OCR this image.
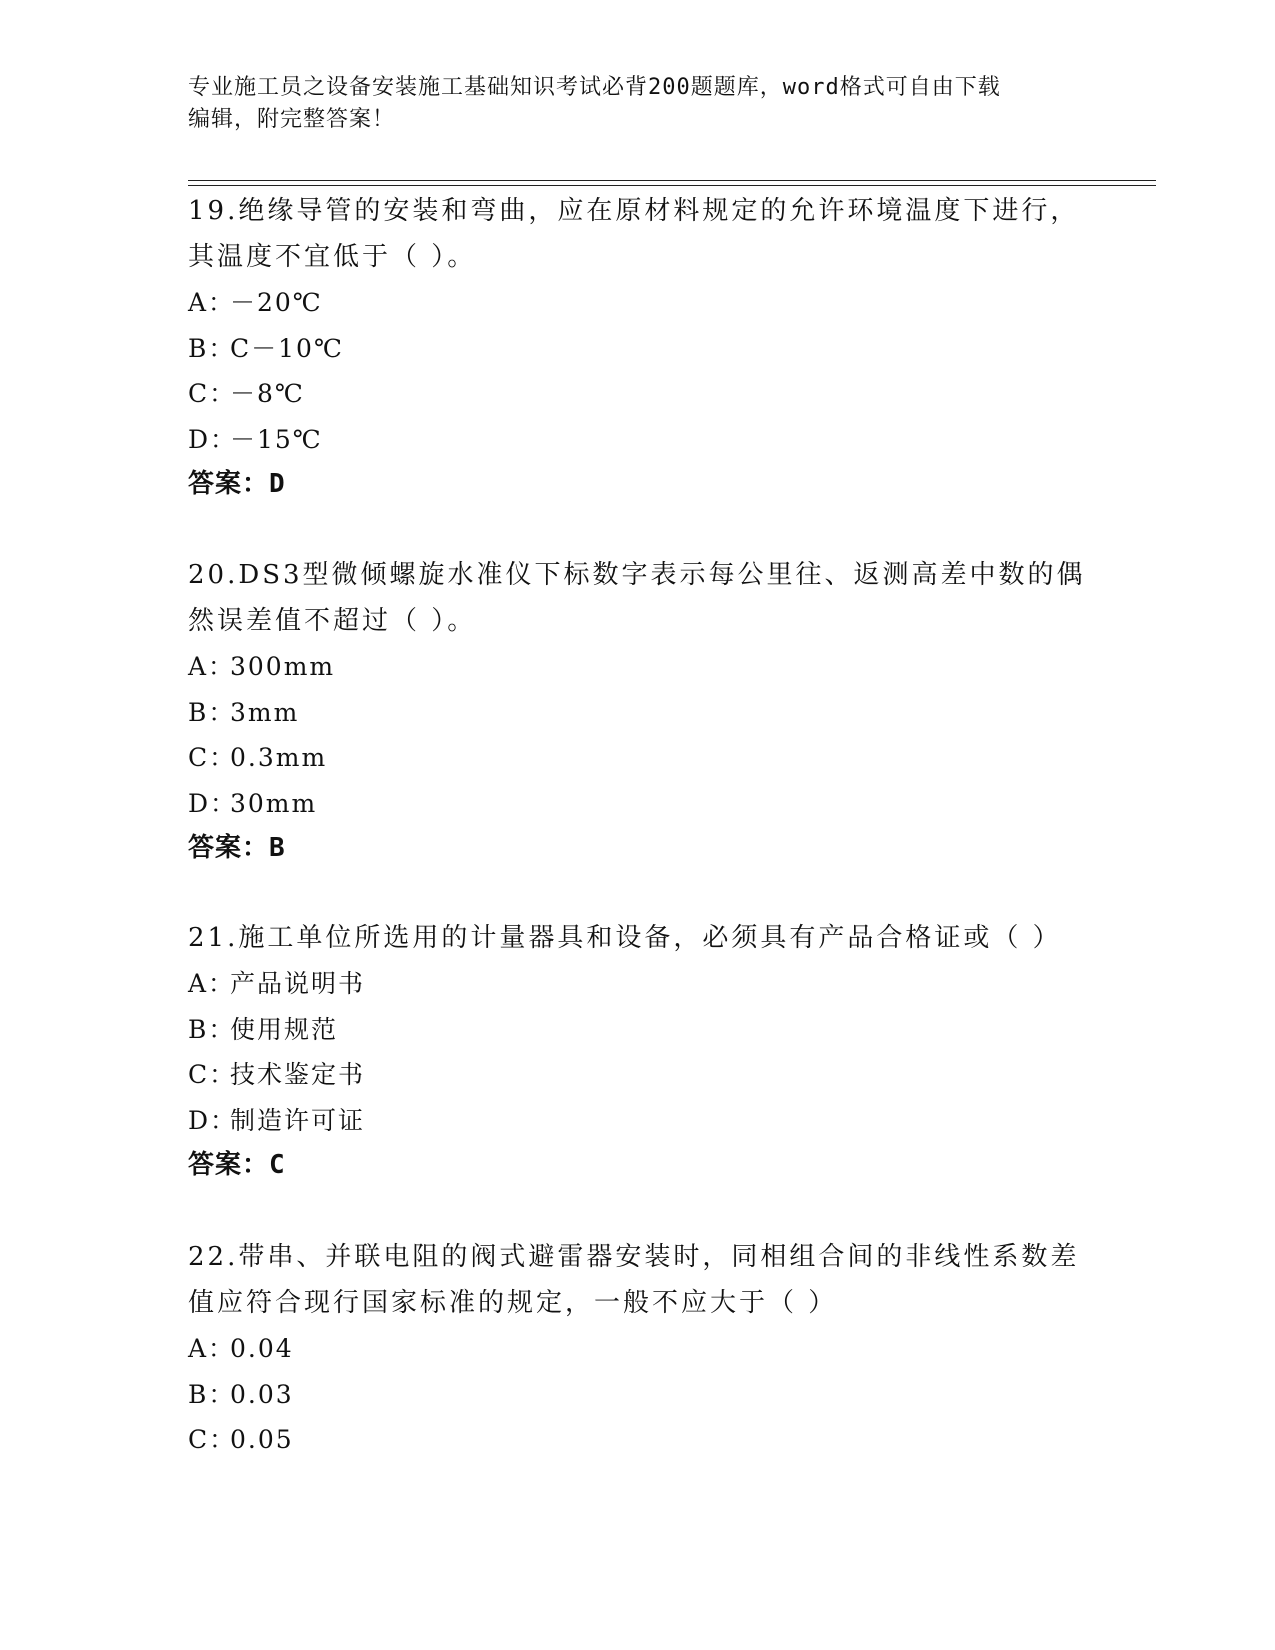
专业施工员之设备安装施工基础知识考试必背200题题库，word格式可自由下载
编辑，附完整答案！
19.绝缘导管的安装和弯曲，应在原材料规定的允许环境温度下进行，
其温度不宜低于（ ）。
A：－20℃
B：C－10℃
C：－8℃
D：－15℃
答案：D
20.DS3型微倾螺旋水准仪下标数字表示每公里往、返测高差中数的偶
然误差值不超过（ ）。
A：300mm
B：3mm
C：0.3mm
D：30mm
答案：B
21.施工单位所选用的计量器具和设备，必须具有产品合格证或（ ）
A：产品说明书
B：使用规范
C：技术鉴定书
D：制造许可证
答案：C
22.带串、并联电阻的阀式避雷器安装时，同相组合间的非线性系数差
值应符合现行国家标准的规定，一般不应大于（ ）
A：0.04
B：0.03
C：0.05
